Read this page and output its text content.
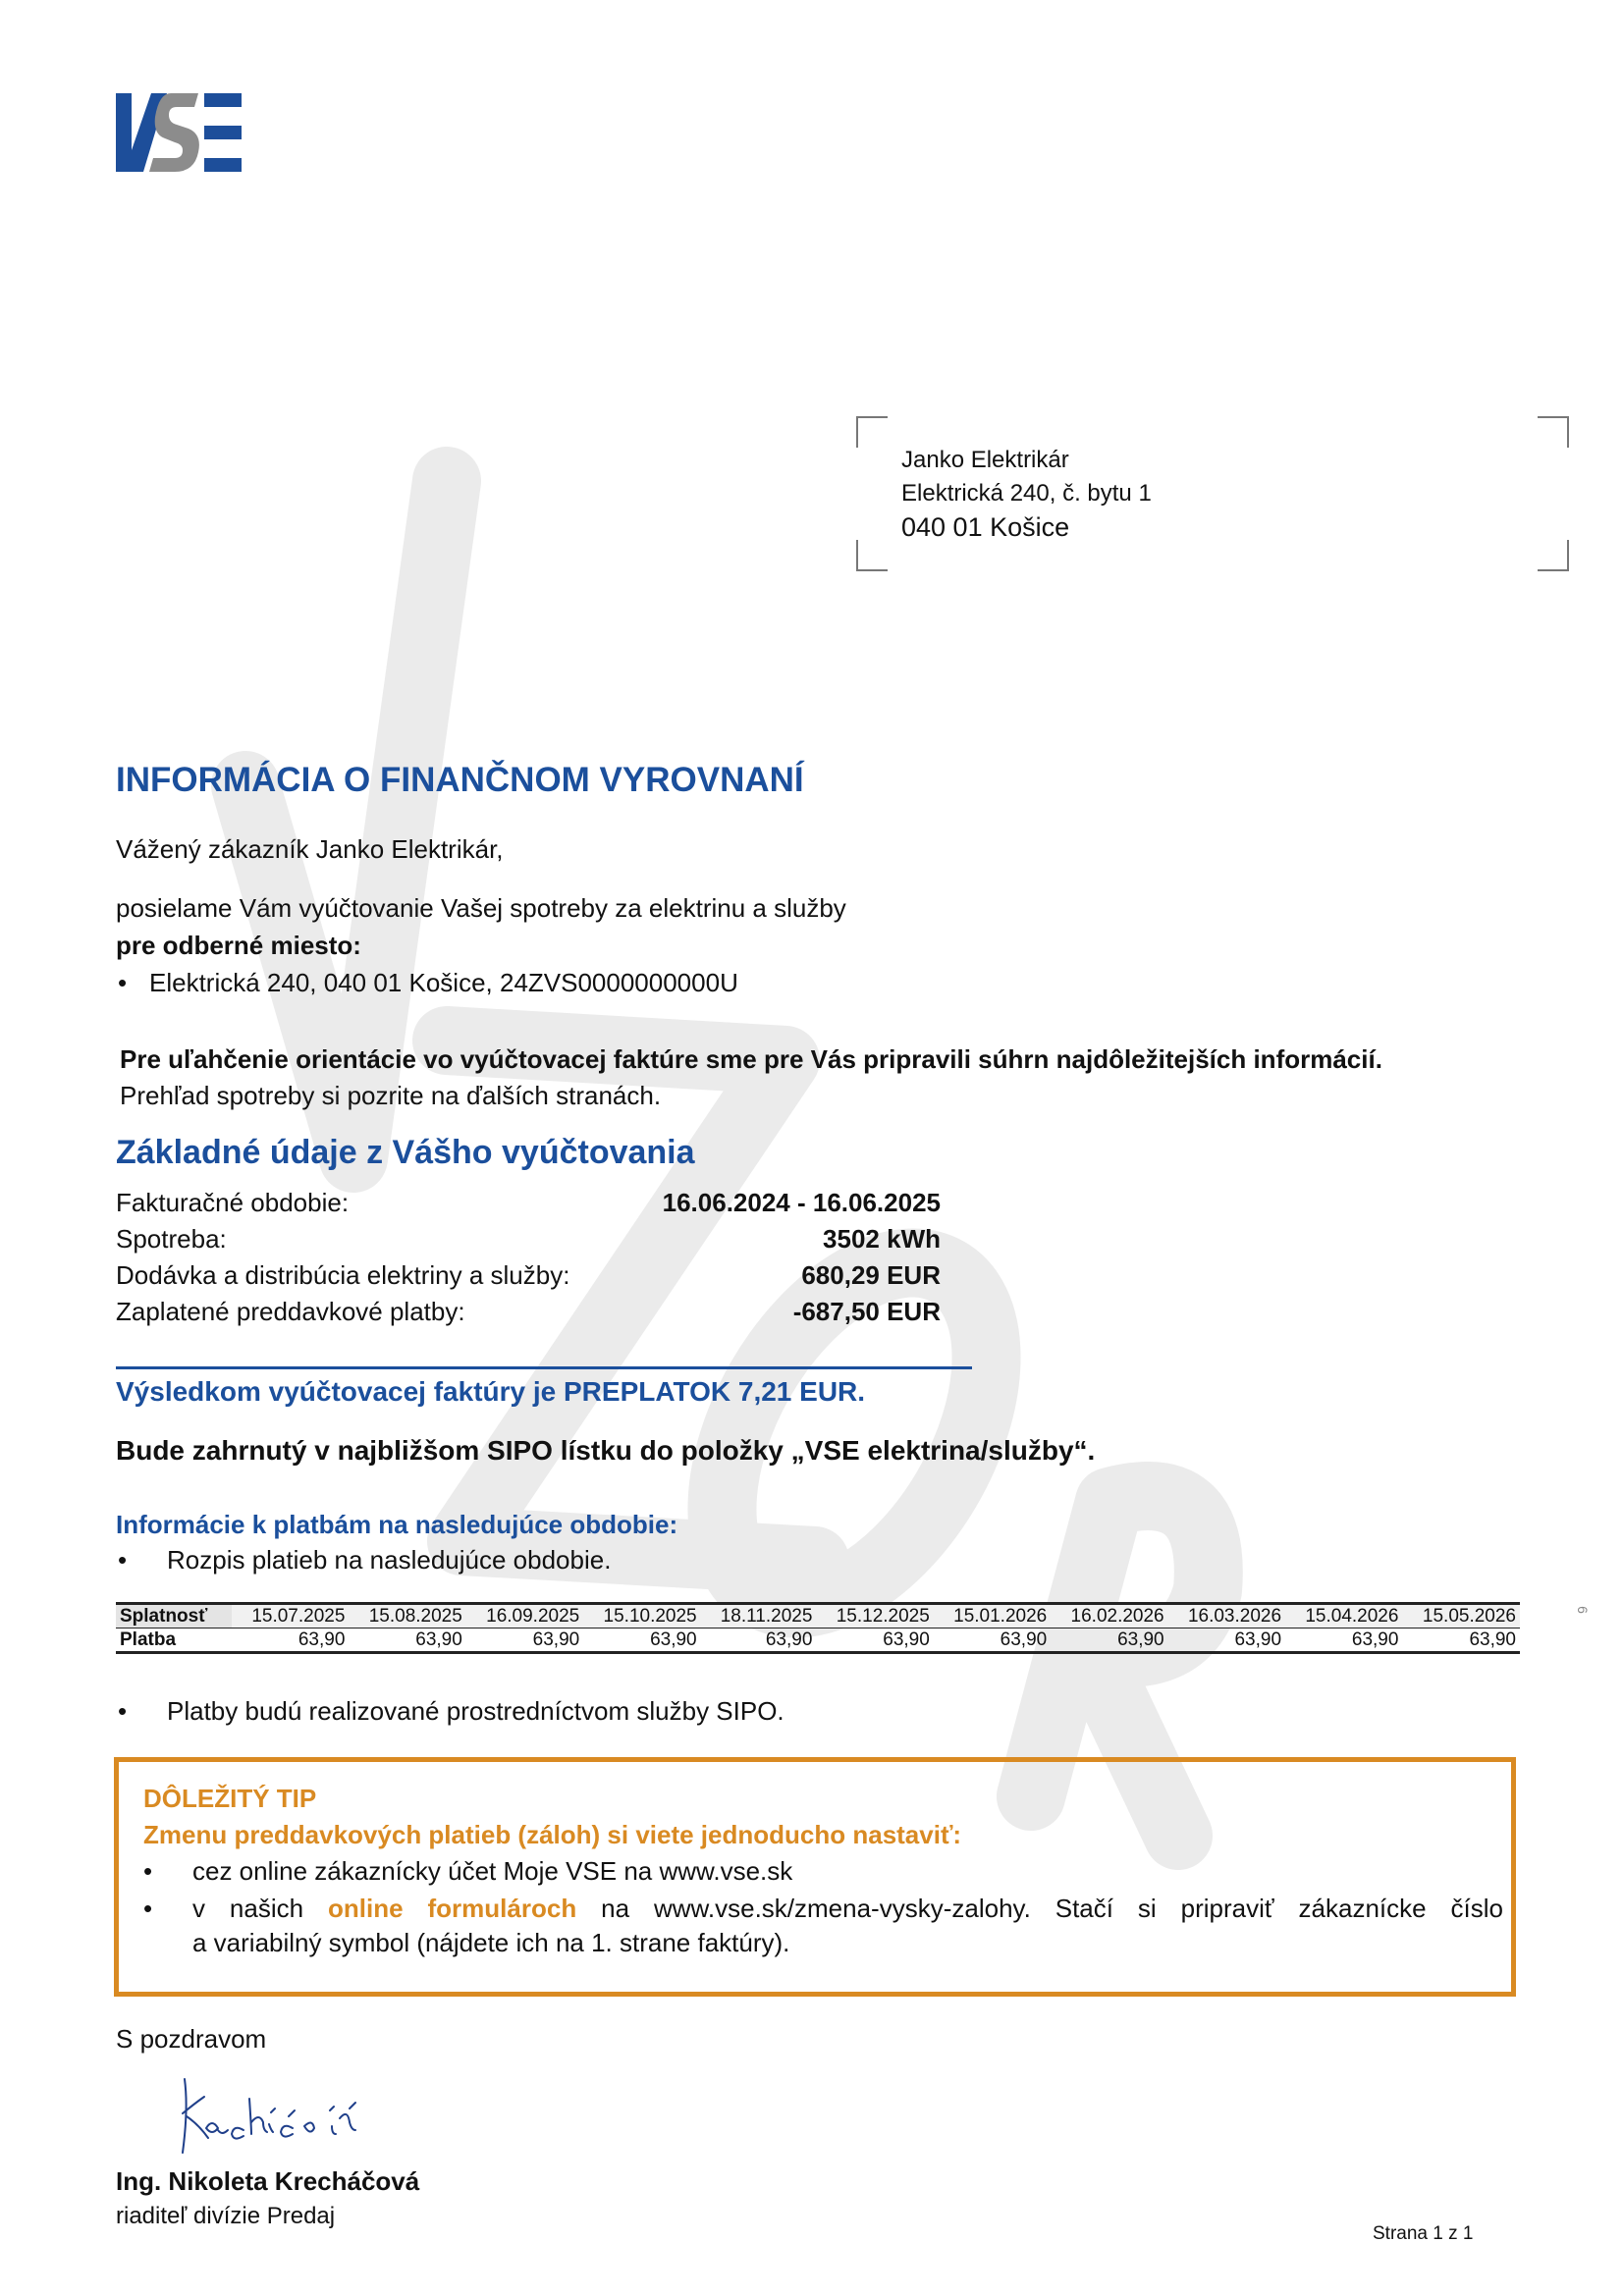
Janko Elektrikár
Elektrická 240, č. bytu 1
040 01 Košice
INFORMÁCIA O FINANČNOM VYROVNANÍ
Vážený zákazník Janko Elektrikár,
posielame Vám vyúčtovanie Vašej spotreby za elektrinu a služby
pre odberné miesto:
• Elektrická 240, 040 01 Košice, 24ZVS0000000000U
Pre uľahčenie orientácie vo vyúčtovacej faktúre sme pre Vás pripravili súhrn najdôležitejších informácií.
Prehľad spotreby si pozrite na ďalších stranách.
Základné údaje z Vášho vyúčtovania
Fakturačné obdobie:	16.06.2024 - 16.06.2025
Spotreba:	3502 kWh
Dodávka a distribúcia elektriny a služby:	680,29 EUR
Zaplatené preddavkové platby:	-687,50 EUR
Výsledkom vyúčtovacej faktúry je PREPLATOK 7,21 EUR.
Bude zahrnutý v najbližšom SIPO lístku do položky „VSE elektrina/služby“.
Informácie k platbám na nasledujúce obdobie:
• Rozpis platieb na nasledujúce obdobie.
Splatnosť	15.07.2025	15.08.2025	16.09.2025	15.10.2025	18.11.2025	15.12.2025	15.01.2026	16.02.2026	16.03.2026	15.04.2026	15.05.2026
Platba	63,90	63,90	63,90	63,90	63,90	63,90	63,90	63,90	63,90	63,90	63,90
• Platby budú realizované prostredníctvom služby SIPO.
DÔLEŽITÝ TIP
Zmenu preddavkových platieb (záloh) si viete jednoducho nastaviť:
• cez online zákaznícky účet Moje VSE na www.vse.sk
• v našich online formulároch na www.vse.sk/zmena-vysky-zalohy. Stačí si pripraviť zákaznícke číslo
a variabilný symbol (nájdete ich na 1. strane faktúry).
S pozdravom
Ing. Nikoleta Krecháčová
riaditeľ divízie Predaj
Strana 1 z 1
6
